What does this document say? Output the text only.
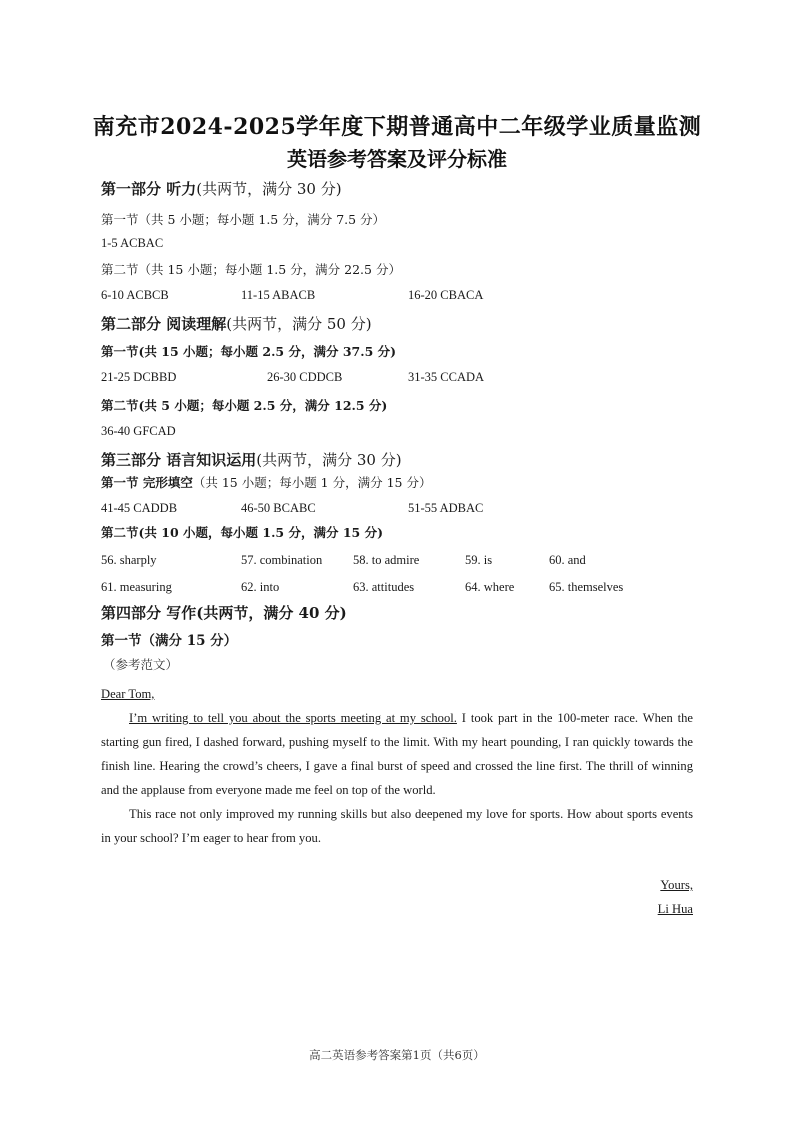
南充市2024-2025学年度下期普通高中二年级学业质量监测
英语参考答案及评分标准
第一部分 听力(共两节，满分 30 分)
第一节（共 5 小题；每小题 1.5 分，满分 7.5 分）
1-5 ACBAC
第二节（共 15 小题；每小题 1.5 分，满分 22.5 分）
6-10 ACBCB	11-15 ABACB	16-20 CBACA
第二部分 阅读理解(共两节，满分 50 分)
第一节(共 15 小题；每小题 2.5 分，满分 37.5 分)
21-25 DCBBD	26-30 CDDCB	31-35 CCADA
第二节(共 5 小题；每小题 2.5 分，满分 12.5 分)
36-40 GFCAD
第三部分 语言知识运用(共两节，满分 30 分)
第一节 完形填空（共 15 小题；每小题 1 分，满分 15 分）
41-45 CADDB	46-50 BCABC	51-55 ADBAC
第二节(共 10 小题，每小题 1.5 分，满分 15 分)
56. sharply	57. combination 58. to admire	59. is	60. and
61. measuring	62. into	63. attitudes	64. where	65. themselves
第四部分 写作(共两节，满分 40 分)
第一节（满分 15 分）
（参考范文）
Dear Tom,

I’m writing to tell you about the sports meeting at my school. I took part in the 100-meter race. When the starting gun fired, I dashed forward, pushing myself to the limit. With my heart pounding, I ran quickly towards the finish line. Hearing the crowd’s cheers, I gave a final burst of speed and crossed the line first. The thrill of winning and the applause from everyone made me feel on top of the world.

This race not only improved my running skills but also deepened my love for sports. How about sports events in your school? I’m eager to hear from you.

Yours,
Li Hua
高二英语参考答案第1页（共6页）
